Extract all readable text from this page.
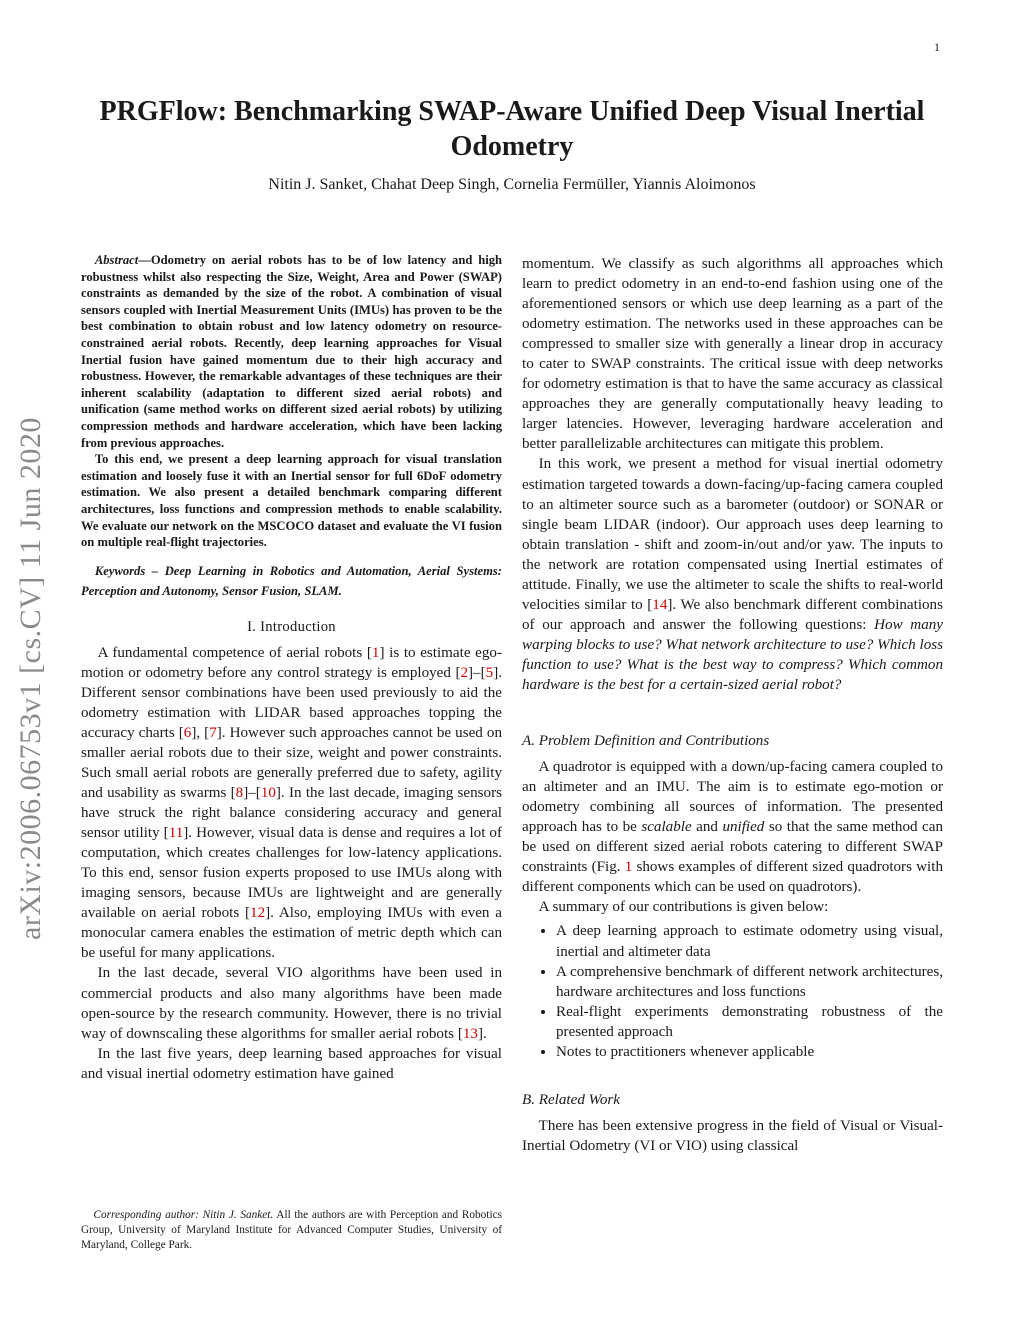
1
arXiv:2006.06753v1 [cs.CV] 11 Jun 2020
PRGFlow: Benchmarking SWAP-Aware Unified Deep Visual Inertial Odometry

Nitin J. Sanket, Chahat Deep Singh, Cornelia Fermüller, Yiannis Aloimonos

Abstract—Odometry on aerial robots has to be of low latency and high robustness whilst also respecting the Size, Weight, Area and Power (SWAP) constraints as demanded by the size of the robot. A combination of visual sensors coupled with Inertial Measurement Units (IMUs) has proven to be the best combination to obtain robust and low latency odometry on resource-constrained aerial robots. Recently, deep learning approaches for Visual Inertial fusion have gained momentum due to their high accuracy and robustness. However, the remarkable advantages of these techniques are their inherent scalability (adaptation to different sized aerial robots) and unification (same method works on different sized aerial robots) by utilizing compression methods and hardware acceleration, which have been lacking from previous approaches.

To this end, we present a deep learning approach for visual translation estimation and loosely fuse it with an Inertial sensor for full 6DoF odometry estimation. We also present a detailed benchmark comparing different architectures, loss functions and compression methods to enable scalability. We evaluate our network on the MSCOCO dataset and evaluate the VI fusion on multiple real-flight trajectories.

Keywords – Deep Learning in Robotics and Automation, Aerial Systems: Perception and Autonomy, Sensor Fusion, SLAM.

I. Introduction

A fundamental competence of aerial robots [1] is to estimate ego-motion or odometry before any control strategy is employed [2]–[5]. Different sensor combinations have been used previously to aid the odometry estimation with LIDAR based approaches topping the accuracy charts [6], [7]. However such approaches cannot be used on smaller aerial robots due to their size, weight and power constraints. Such small aerial robots are generally preferred due to safety, agility and usability as swarms [8]–[10]. In the last decade, imaging sensors have struck the right balance considering accuracy and general sensor utility [11]. However, visual data is dense and requires a lot of computation, which creates challenges for low-latency applications. To this end, sensor fusion experts proposed to use IMUs along with imaging sensors, because IMUs are lightweight and are generally available on aerial robots [12]. Also, employing IMUs with even a monocular camera enables the estimation of metric depth which can be useful for many applications.

In the last decade, several VIO algorithms have been used in commercial products and also many algorithms have been made open-source by the research community. However, there is no trivial way of downscaling these algorithms for smaller aerial robots [13].

In the last five years, deep learning based approaches for visual and visual inertial odometry estimation have gained

Corresponding author: Nitin J. Sanket. All the authors are with Perception and Robotics Group, University of Maryland Institute for Advanced Computer Studies, University of Maryland, College Park.

momentum. We classify as such algorithms all approaches which learn to predict odometry in an end-to-end fashion using one of the aforementioned sensors or which use deep learning as a part of the odometry estimation. The networks used in these approaches can be compressed to smaller size with generally a linear drop in accuracy to cater to SWAP constraints. The critical issue with deep networks for odometry estimation is that to have the same accuracy as classical approaches they are generally computationally heavy leading to larger latencies. However, leveraging hardware acceleration and better parallelizable architectures can mitigate this problem.

In this work, we present a method for visual inertial odometry estimation targeted towards a down-facing/up-facing camera coupled to an altimeter source such as a barometer (outdoor) or SONAR or single beam LIDAR (indoor). Our approach uses deep learning to obtain translation - shift and zoom-in/out and/or yaw. The inputs to the network are rotation compensated using Inertial estimates of attitude. Finally, we use the altimeter to scale the shifts to real-world velocities similar to [14]. We also benchmark different combinations of our approach and answer the following questions: How many warping blocks to use? What network architecture to use? Which loss function to use? What is the best way to compress? Which common hardware is the best for a certain-sized aerial robot?

A. Problem Definition and Contributions

A quadrotor is equipped with a down/up-facing camera coupled to an altimeter and an IMU. The aim is to estimate ego-motion or odometry combining all sources of information. The presented approach has to be scalable and unified so that the same method can be used on different sized aerial robots catering to different SWAP constraints (Fig. 1 shows examples of different sized quadrotors with different components which can be used on quadrotors).

A summary of our contributions is given below:

• A deep learning approach to estimate odometry using visual, inertial and altimeter data
• A comprehensive benchmark of different network architectures, hardware architectures and loss functions
• Real-flight experiments demonstrating robustness of the presented approach
• Notes to practitioners whenever applicable
B. Related Work

There has been extensive progress in the field of Visual or Visual-Inertial Odometry (VI or VIO) using classical
